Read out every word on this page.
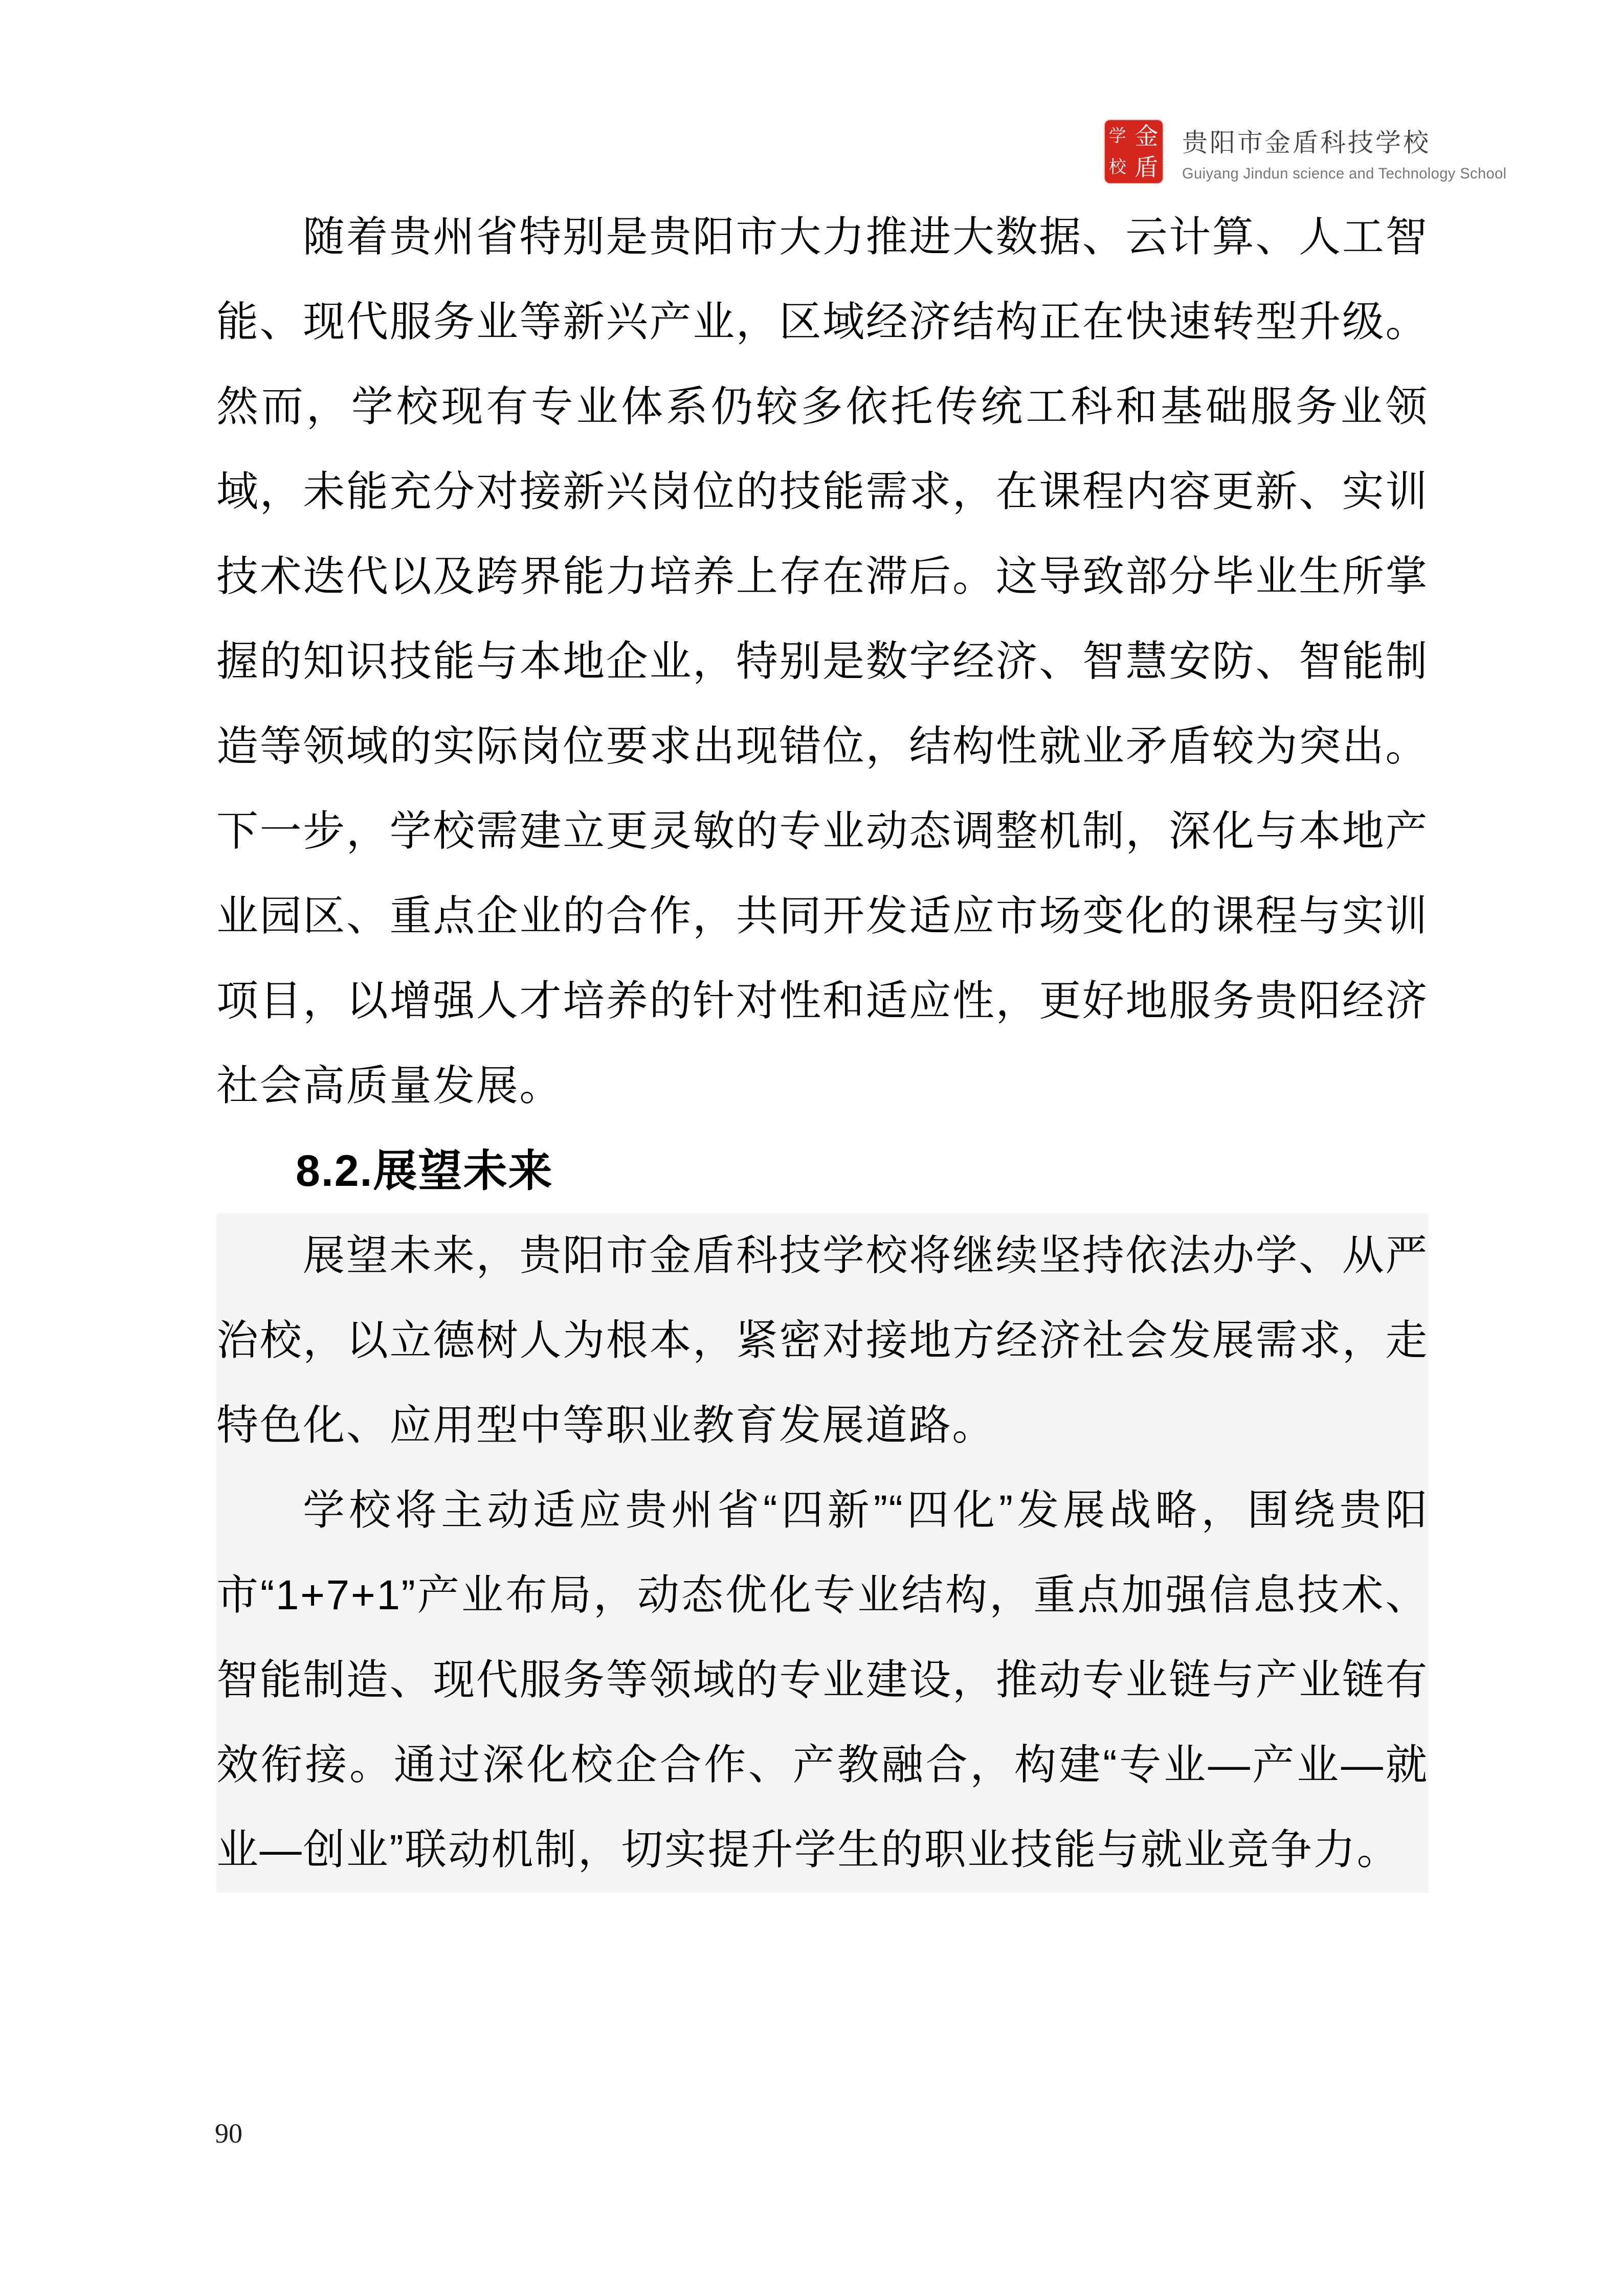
学 金
校 盾
贵阳市金盾科技学校
Guiyang Jindun science and Technology School

随着贵州省特别是贵阳市大力推进大数据、云计算、人工智能、现代服务业等新兴产业，区域经济结构正在快速转型升级。然而，学校现有专业体系仍较多依托传统工科和基础服务业领域，未能充分对接新兴岗位的技能需求，在课程内容更新、实训技术迭代以及跨界能力培养上存在滞后。这导致部分毕业生所掌握的知识技能与本地企业，特别是数字经济、智慧安防、智能制造等领域的实际岗位要求出现错位，结构性就业矛盾较为突出。下一步，学校需建立更灵敏的专业动态调整机制，深化与本地产业园区、重点企业的合作，共同开发适应市场变化的课程与实训项目，以增强人才培养的针对性和适应性，更好地服务贵阳经济社会高质量发展。

8.2.展望未来

展望未来，贵阳市金盾科技学校将继续坚持依法办学、从严治校，以立德树人为根本，紧密对接地方经济社会发展需求，走特色化、应用型中等职业教育发展道路。

学校将主动适应贵州省“四新”“四化”发展战略，围绕贵阳市“1+7+1”产业布局，动态优化专业结构，重点加强信息技术、智能制造、现代服务等领域的专业建设，推动专业链与产业链有效衔接。通过深化校企合作、产教融合，构建“专业—产业—就业—创业”联动机制，切实提升学生的职业技能与就业竞争力。

90
